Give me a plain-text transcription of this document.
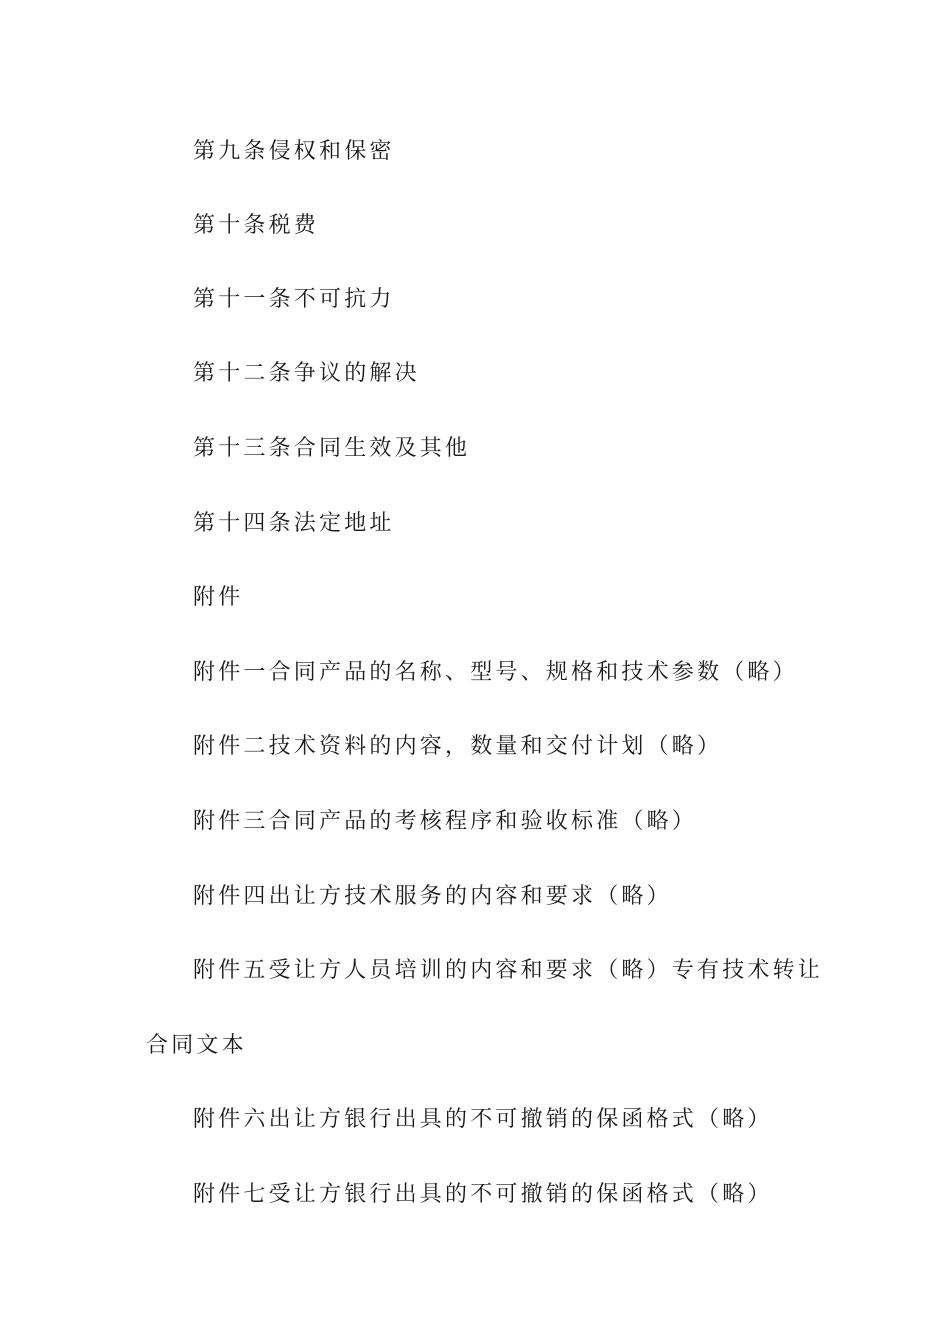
第九条侵权和保密
第十条税费
第十一条不可抗力
第十二条争议的解决
第十三条合同生效及其他
第十四条法定地址
附件
附件一合同产品的名称、型号、规格和技术参数（略）
附件二技术资料的内容，数量和交付计划（略）
附件三合同产品的考核程序和验收标准（略）
附件四出让方技术服务的内容和要求（略）
附件五受让方人员培训的内容和要求（略）专有技术转让
合同文本
附件六出让方银行出具的不可撤销的保函格式（略）
附件七受让方银行出具的不可撤销的保函格式（略）
